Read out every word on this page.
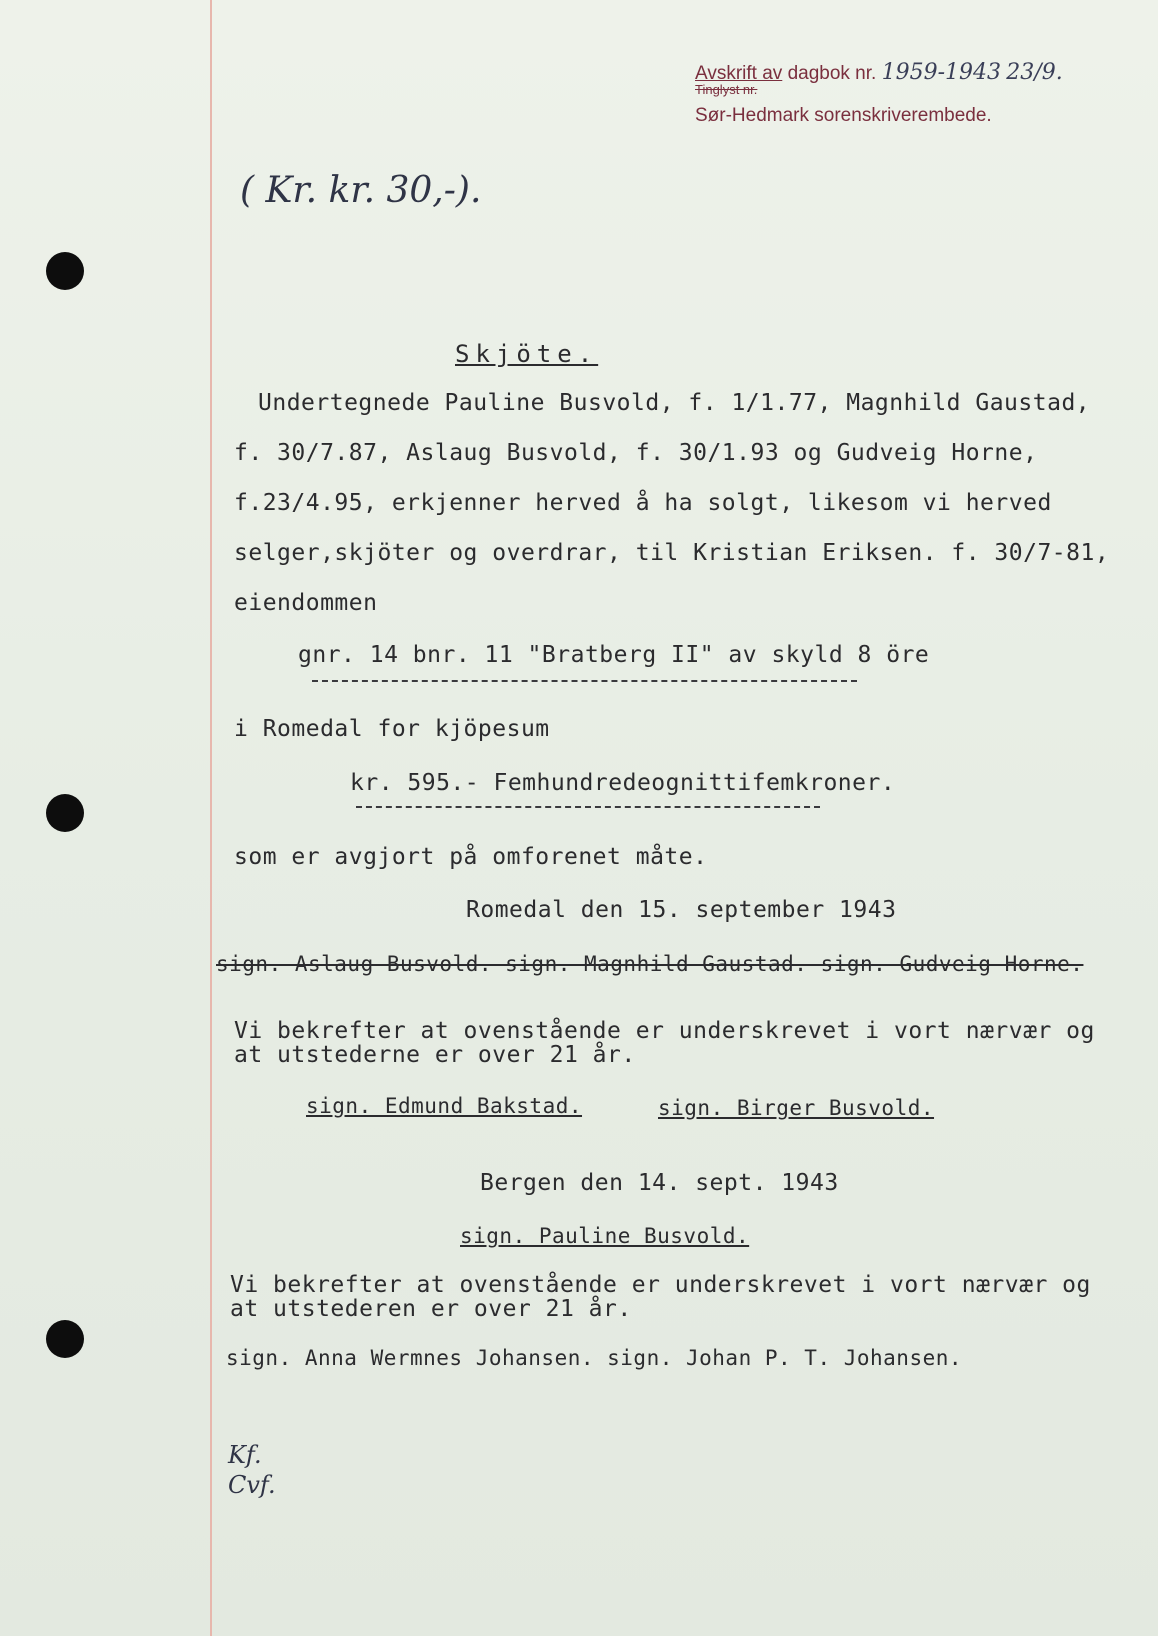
Avskrift av dagbok nr. 1959-1943 23/9.
Tinglyst nr.
Sør-Hedmark sorenskriverembede.
( Kr. kr. 30,-).
Skjöte.
Undertegnede Pauline Busvold, f. 1/1.77, Magnhild Gaustad,
f. 30/7.87, Aslaug Busvold, f. 30/1.93 og Gudveig Horne,
f.23/4.95, erkjenner herved å ha solgt, likesom vi herved
selger,skjöter og overdrar, til Kristian Eriksen. f. 30/7-81,
eiendommen
gnr. 14 bnr. 11 "Bratberg II" av skyld 8 öre
i Romedal for kjöpesum
kr. 595.- Femhundredeognittifemkroner.
som er avgjort på omforenet måte.
Romedal den 15. september 1943
sign. Aslaug Busvold. sign. Magnhild Gaustad. sign. Gudveig Horne.
Vi bekrefter at ovenstående er underskrevet i vort nærvær og
at utstederne er over 21 år.
sign. Edmund Bakstad.	sign. Birger Busvold.
Bergen den 14. sept. 1943
sign. Pauline Busvold.
Vi bekrefter at ovenstående er underskrevet i vort nærvær og
at utstederen er over 21 år.
sign. Anna Wermnes Johansen. sign. Johan P. T. Johansen.
Kf.
Cvf.
